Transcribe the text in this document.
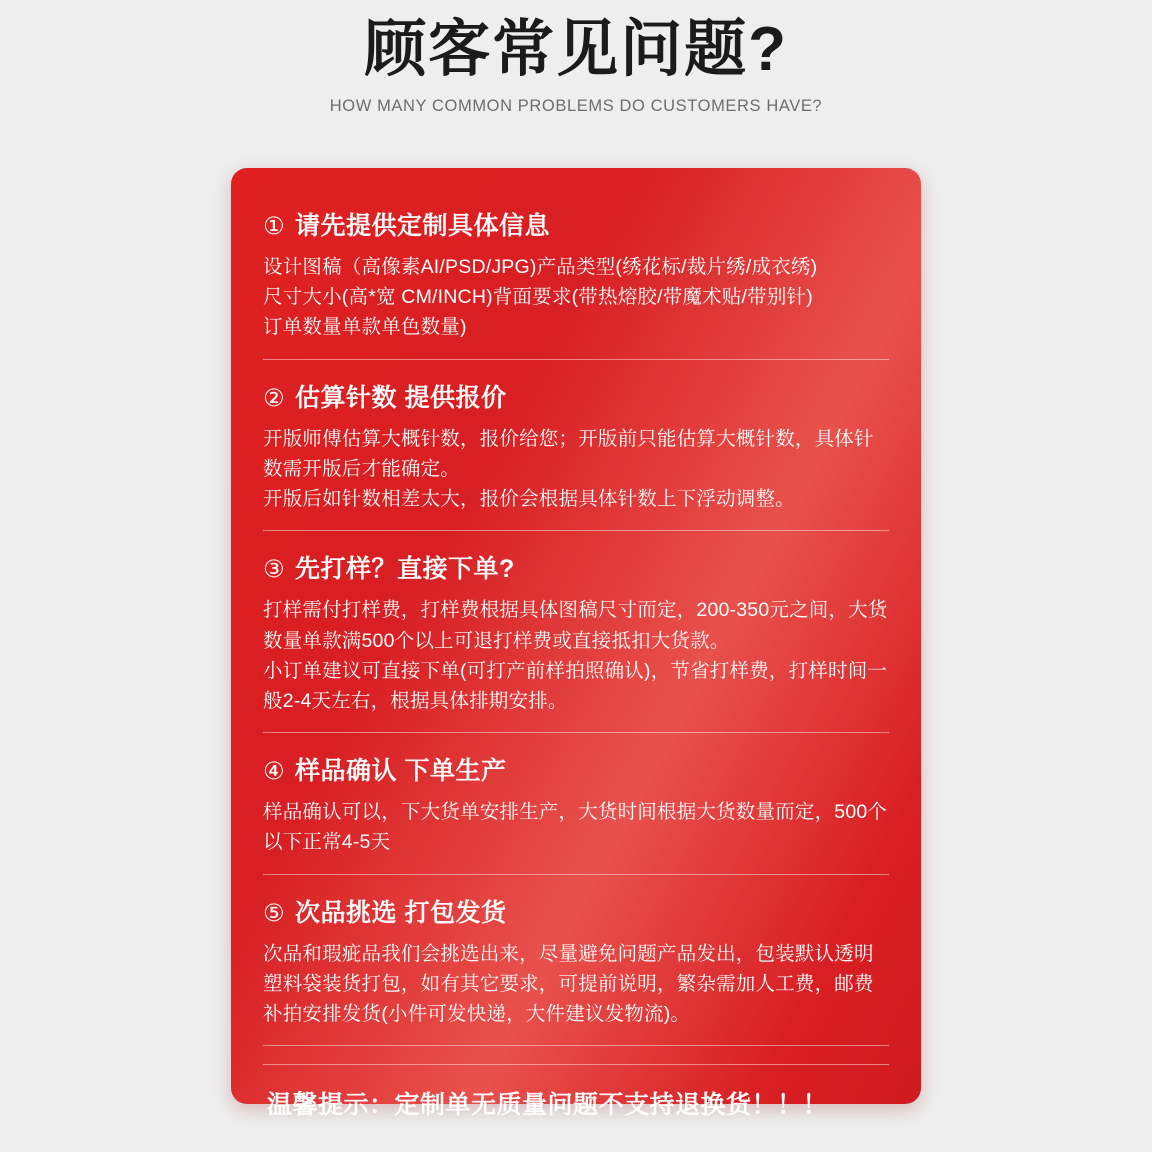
顾客常见问题?
HOW MANY COMMON PROBLEMS DO CUSTOMERS HAVE?
① 请先提供定制具体信息

设计图稿（高像素AI/PSD/JPG)产品类型(绣花标/裁片绣/成衣绣)

尺寸大小(高*宽 CM/INCH)背面要求(带热熔胶/带魔术贴/带别针)

订单数量单款单色数量)

② 估算针数 提供报价

开版师傅估算大概针数，报价给您；开版前只能估算大概针数，具体针数需开版后才能确定。

开版后如针数相差太大，报价会根据具体针数上下浮动调整。

③ 先打样？直接下单?

打样需付打样费，打样费根据具体图稿尺寸而定，200-350元之间，大货数量单款满500个以上可退打样费或直接抵扣大货款。

小订单建议可直接下单(可打产前样拍照确认)，节省打样费，打样时间一般2-4天左右，根据具体排期安排。

④ 样品确认 下单生产

样品确认可以，下大货单安排生产，大货时间根据大货数量而定，500个以下正常4-5天

⑤ 次品挑选 打包发货

次品和瑕疵品我们会挑选出来，尽量避免问题产品发出，包装默认透明塑料袋装货打包，如有其它要求，可提前说明，繁杂需加人工费，邮费补拍安排发货(小件可发快递，大件建议发物流)。

温馨提示：定制单无质量问题不支持退换货！！！
